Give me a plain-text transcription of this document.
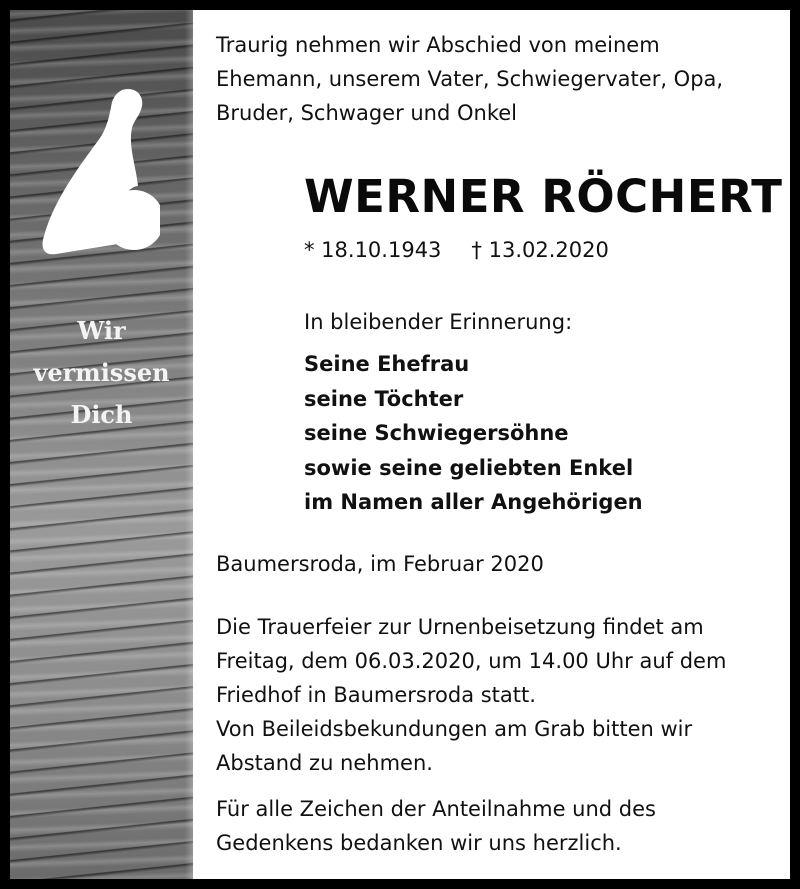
Wir
vermissen
Dich

Traurig nehmen wir Abschied von meinem
Ehemann, unserem Vater, Schwiegervater, Opa,
Bruder, Schwager und Onkel

WERNER RÖCHERT
* 18.10.1943 † 13.02.2020
In bleibender Erinnerung:
Seine Ehefrau
seine Töchter
seine Schwiegersöhne
sowie seine geliebten Enkel
im Namen aller Angehörigen
Baumersroda, im Februar 2020

Die Trauerfeier zur Urnenbeisetzung findet am
Freitag, dem 06.03.2020, um 14.00 Uhr auf dem
Friedhof in Baumersroda statt.
Von Beileidsbekundungen am Grab bitten wir
Abstand zu nehmen.

Für alle Zeichen der Anteilnahme und des
Gedenkens bedanken wir uns herzlich.
